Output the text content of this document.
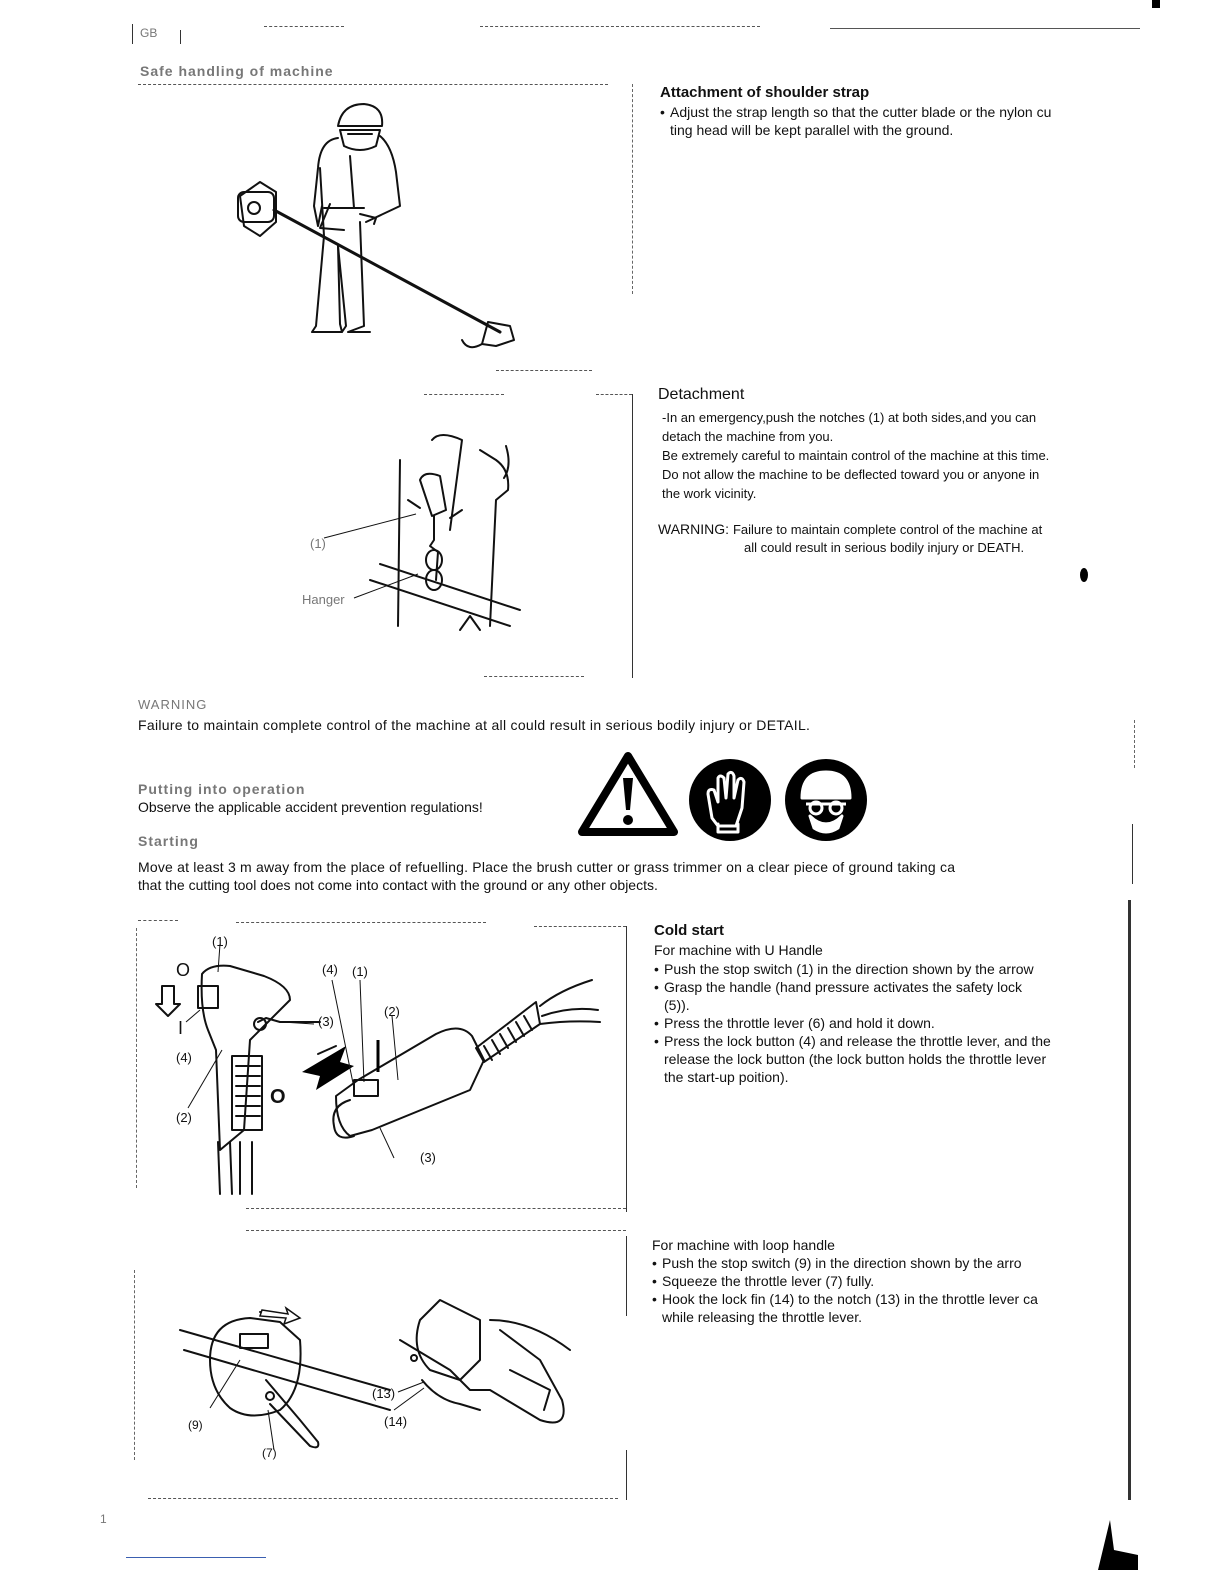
GB
Safe handling of machine
Attachment of shoulder strap
• Adjust the strap length so that the cutter blade or the nylon cu
ting head will be kept parallel with the ground.
Detachment
-In an emergency,push the notches (1) at both sides,and you can
detach the machine from you.
Be extremely careful to maintain control of the machine at this time.
Do not allow the machine to be deflected toward you or anyone in
the work vicinity.
WARNING: Failure to maintain complete control of the machine at
all could result in serious bodily injury or DEATH.
(1)
Hanger
WARNING
Failure to maintain complete control of the machine at all could result in serious bodily injury or DETAIL.
Putting into operation
Observe the applicable accident prevention regulations!
Starting
Move at least 3 m away from the place of refuelling. Place the brush cutter or grass trimmer on a clear piece of ground taking ca
that the cutting tool does not come into contact with the ground or any other objects.
(1)
O
I
(4)
(3)
(2)
O
(4) (1)
(2)
(3)
Cold start
For machine with U Handle
• Push the stop switch (1) in the direction shown by the arrow
• Grasp the handle (hand pressure activates the safety lock
(5)).
• Press the throttle lever (6) and hold it down.
• Press the lock button (4) and release the throttle lever, and the
release the lock button (the lock button holds the throttle lever
the start-up poition).
(9)
(7)
(13)
(14)
For machine with loop handle
• Push the stop switch (9) in the direction shown by the arro
• Squeeze the throttle lever (7) fully.
• Hook the lock fin (14) to the notch (13) in the throttle lever ca
while releasing the throttle lever.
1
